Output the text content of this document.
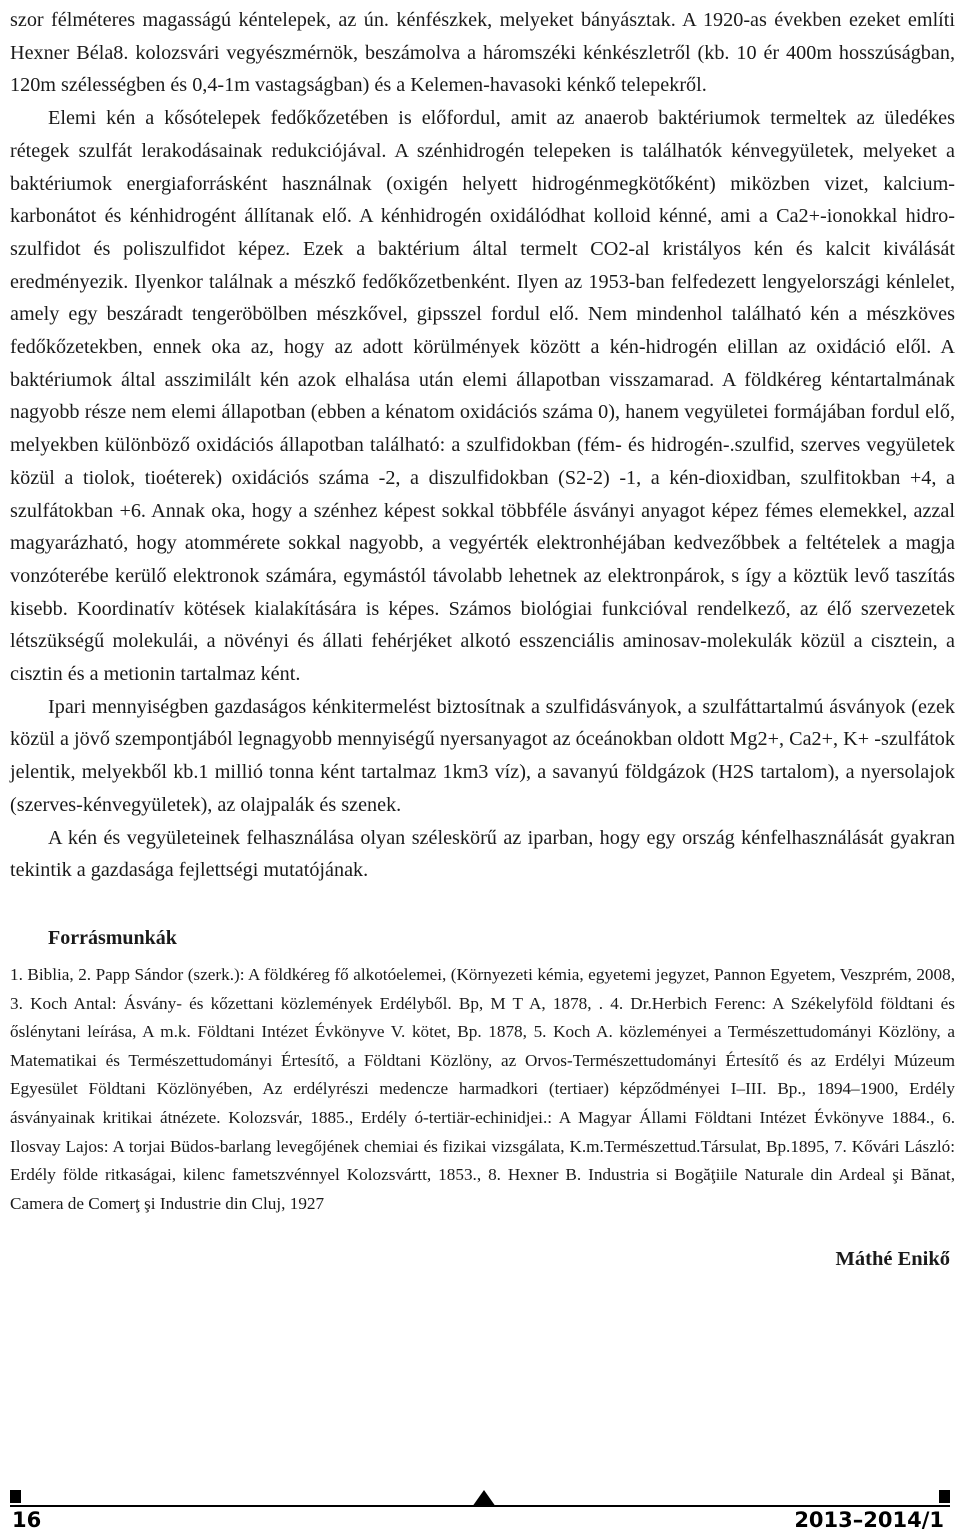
szor félméteres magasságú kéntelepek, az ún. kénfészkek, melyeket bányásztak. A 1920-as években ezeket említi Hexner Béla8. kolozsvári vegyészmérnök, beszámolva a háromszéki kénkészletről (kb. 10 ér 400m hosszúságban, 120m szélességben és 0,4-1m vastagságban) és a Kelemen-havasoki kénkő telepekről.

Elemi kén a kősótelepek fedőkőzetében is előfordul, amit az anaerob baktériumok termeltek az üledékes rétegek szulfát lerakodásainak redukciójával. A szénhidrogén telepeken is találhatók kénvegyületek, melyeket a baktériumok energiaforrásként használnak (oxigén helyett hidrogénmegkötőként) miközben vizet, kalcium-karbonátot és kénhidrogént állítanak elő. A kénhidrogén oxidálódhat kolloid kénné, ami a Ca2+-ionokkal hidro-szulfidot és poliszulfidot képez. Ezek a baktérium által termelt CO2-al kristályos kén és kalcit kiválását eredményezik. Ilyenkor találnak a mészkő fedőkőzetbenként. Ilyen az 1953-ban felfedezett lengyelországi kénlelet, amely egy beszáradt tengeröbölben mészkővel, gipsszel fordul elő. Nem mindenhol található kén a mészköves fedőkőzetekben, ennek oka az, hogy az adott körülmények között a kén-hidrogén elillan az oxidáció elől. A baktériumok által asszimilált kén azok elhalása után elemi állapotban visszamarad. A földkéreg kéntartalmának nagyobb része nem elemi állapotban (ebben a kénatom oxidációs száma 0), hanem vegyületei formájában fordul elő, melyekben különböző oxidációs állapotban található: a szulfidokban (fém- és hidrogén-.szulfid, szerves vegyületek közül a tiolok, tioéterek) oxidációs száma -2, a diszulfidokban (S2-2) -1, a kén-dioxidban, szulfitokban +4, a szulfátokban +6. Annak oka, hogy a szénhez képest sokkal többféle ásványi anyagot képez fémes elemekkel, azzal magyarázható, hogy atommérete sokkal nagyobb, a vegyérték elektronhéjában kedvezőbbek a feltételek a magja vonzóterébe kerülő elektronok számára, egymástól távolabb lehetnek az elektronpárok, s így a köztük levő taszítás kisebb. Koordinatív kötések kialakítására is képes. Számos biológiai funkcióval rendelkező, az élő szervezetek létszükségű molekulái, a növényi és állati fehérjéket alkotó esszenciális aminosav-molekulák közül a cisztein, a cisztin és a metionin tartalmaz ként.

Ipari mennyiségben gazdaságos kénkitermelést biztosítnak a szulfidásványok, a szulfáttartalmú ásványok (ezek közül a jövő szempontjából legnagyobb mennyiségű nyersanyagot az óceánokban oldott Mg2+, Ca2+, K+ -szulfátok jelentik, melyekből kb.1 millió tonna ként tartalmaz 1km3 víz), a savanyú földgázok (H2S tartalom), a nyersolajok (szerves-kénvegyületek), az olajpalák és szenek.

A kén és vegyületeinek felhasználása olyan széleskörű az iparban, hogy egy ország kénfelhasználását gyakran tekintik a gazdasága fejlettségi mutatójának.

Forrásmunkák

1. Biblia, 2. Papp Sándor (szerk.): A földkéreg fő alkotóelemei, (Környezeti kémia, egyetemi jegyzet, Pannon Egyetem, Veszprém, 2008, 3. Koch Antal: Ásvány- és kőzettani közlemények Erdélyből. Bp, M T A, 1878, . 4. Dr.Herbich Ferenc: A Székelyföld földtani és őslénytani leírása, A m.k. Földtani Intézet Évkönyve V. kötet, Bp. 1878, 5. Koch A. közleményei a Természettudományi Közlöny, a Matematikai és Természettudományi Értesítő, a Földtani Közlöny, az Orvos-Természettudományi Értesítő és az Erdélyi Múzeum Egyesület Földtani Közlönyében, Az erdélyrészi medencze harmadkori (tertiaer) képződményei I–III. Bp., 1894–1900, Erdély ásványainak kritikai átnézete. Kolozsvár, 1885., Erdély ó-tertiär-echinidjei.: A Magyar Állami Földtani Intézet Évkönyve 1884., 6. Ilosvay Lajos: A torjai Büdos-barlang levegőjének chemiai és fizikai vizsgálata, K.m.Természettud.Társulat, Bp.1895, 7. Kővári László: Erdély földe ritkaságai, kilenc fametszvénnyel Kolozsvártt, 1853., 8. Hexner B. Industria si Bogăţiile Naturale din Ardeal şi Bănat, Camera de Comerţ şi Industrie din Cluj, 1927

Máthé Enikő
16	2013–2014/1
